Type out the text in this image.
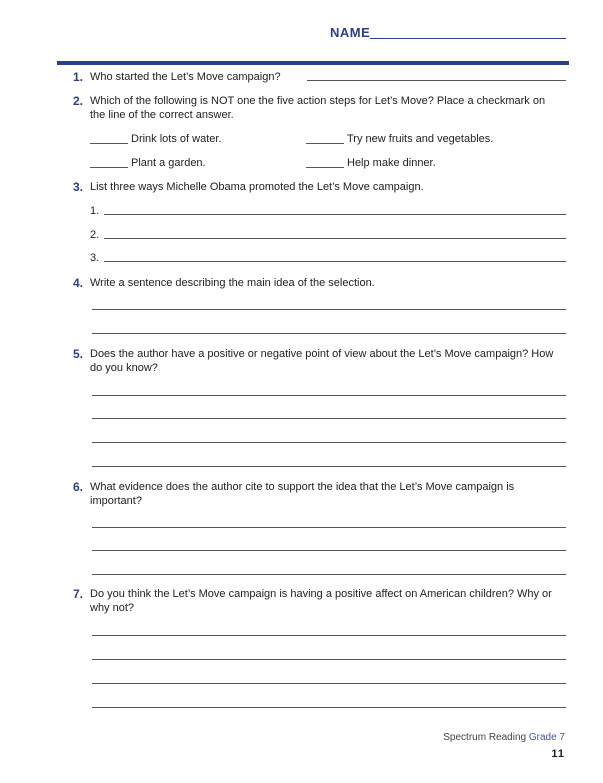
NAME
1. Who started the Let’s Move campaign?
2. Which of the following is NOT one the five action steps for Let’s Move? Place a checkmark on the line of the correct answer.
Drink lots of water.	Try new fruits and vegetables.
Plant a garden.	Help make dinner.
3. List three ways Michelle Obama promoted the Let’s Move campaign.
1.
2.
3.
4. Write a sentence describing the main idea of the selection.
5. Does the author have a positive or negative point of view about the Let’s Move campaign? How do you know?
6. What evidence does the author cite to support the idea that the Let’s Move campaign is important?
7. Do you think the Let’s Move campaign is having a positive affect on American children? Why or why not?
Spectrum Reading Grade 7
11
